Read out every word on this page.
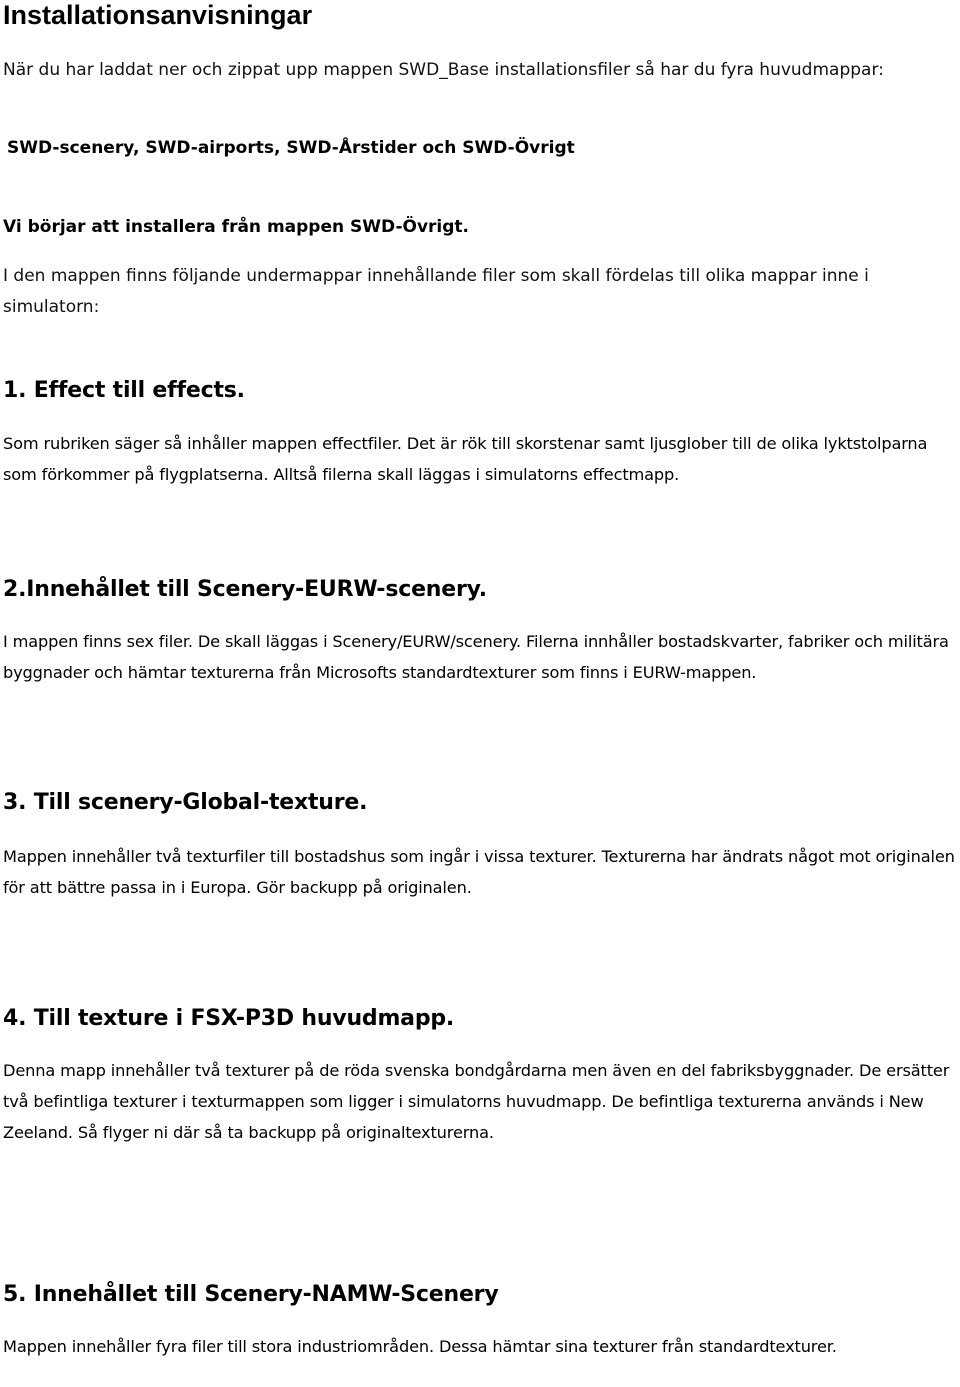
Installationsanvisningar

När du har laddat ner och zippat upp mappen SWD_Base installationsfiler så har du fyra huvudmappar:

SWD-scenery, SWD-airports, SWD-Årstider och SWD-Övrigt

Vi börjar att installera från mappen SWD-Övrigt.

I den mappen finns följande undermappar innehållande filer som skall fördelas till olika mappar inne i simulatorn:

1. Effect till effects.

Som rubriken säger så inhåller mappen effectfiler. Det är rök till skorstenar samt ljusglober till de olika lyktstolparna som förkommer på flygplatserna. Alltså filerna skall läggas i simulatorns effectmapp.

2.Innehållet till Scenery-EURW-scenery.

I mappen finns sex filer. De skall läggas i Scenery/EURW/scenery. Filerna innhåller bostadskvarter, fabriker och militära byggnader och hämtar texturerna från Microsofts standardtexturer som finns i EURW-mappen.

3. Till scenery-Global-texture.

Mappen innehåller två texturfiler till bostadshus som ingår i vissa texturer. Texturerna har ändrats något mot originalen för att bättre passa in i Europa. Gör backupp på originalen.

4. Till texture i FSX-P3D huvudmapp.

Denna mapp innehåller två texturer på de röda svenska bondgårdarna men även en del fabriksbyggnader. De ersätter två befintliga texturer i texturmappen som ligger i simulatorns huvudmapp. De befintliga texturerna används i New Zeeland. Så flyger ni där så ta backupp på originaltexturerna.

5. Innehållet till Scenery-NAMW-Scenery

Mappen innehåller fyra filer till stora industriområden. Dessa hämtar sina texturer från standardtexturer.
